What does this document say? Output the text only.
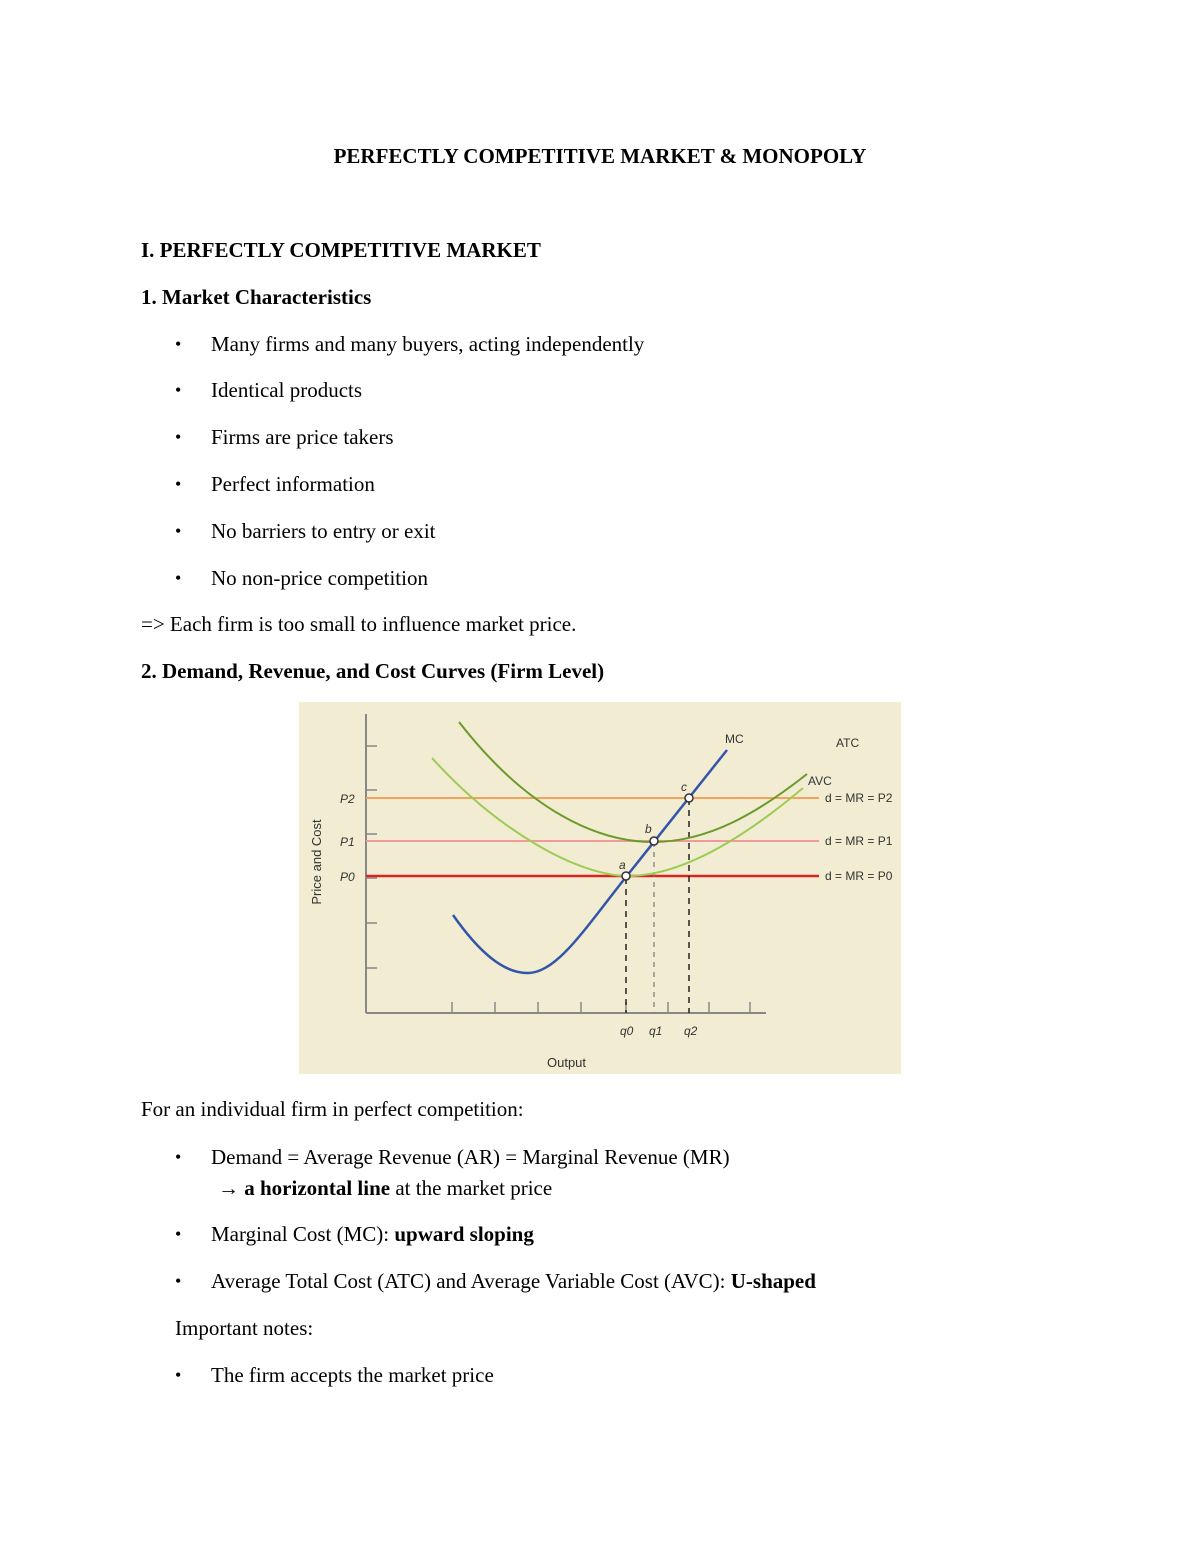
PERFECTLY COMPETITIVE MARKET & MONOPOLY
I. PERFECTLY COMPETITIVE MARKET
1. Market Characteristics
• Many firms and many buyers, acting independently
• Identical products
• Firms are price takers
• Perfect information
• No barriers to entry or exit
• No non-price competition
=> Each firm is too small to influence market price.
2. Demand, Revenue, and Cost Curves (Firm Level)
a
b
c
MC	ATC
AVC
d = MR = P2
d = MR = P1
d = MR = P0
P2
P1
P0
q0 q1 q2
Output
Price and Cost
For an individual firm in perfect competition:
• Demand = Average Revenue (AR) = Marginal Revenue (MR)
→ a horizontal line at the market price
• Marginal Cost (MC): upward sloping
• Average Total Cost (ATC) and Average Variable Cost (AVC): U-shaped
Important notes:
• The firm accepts the market price
